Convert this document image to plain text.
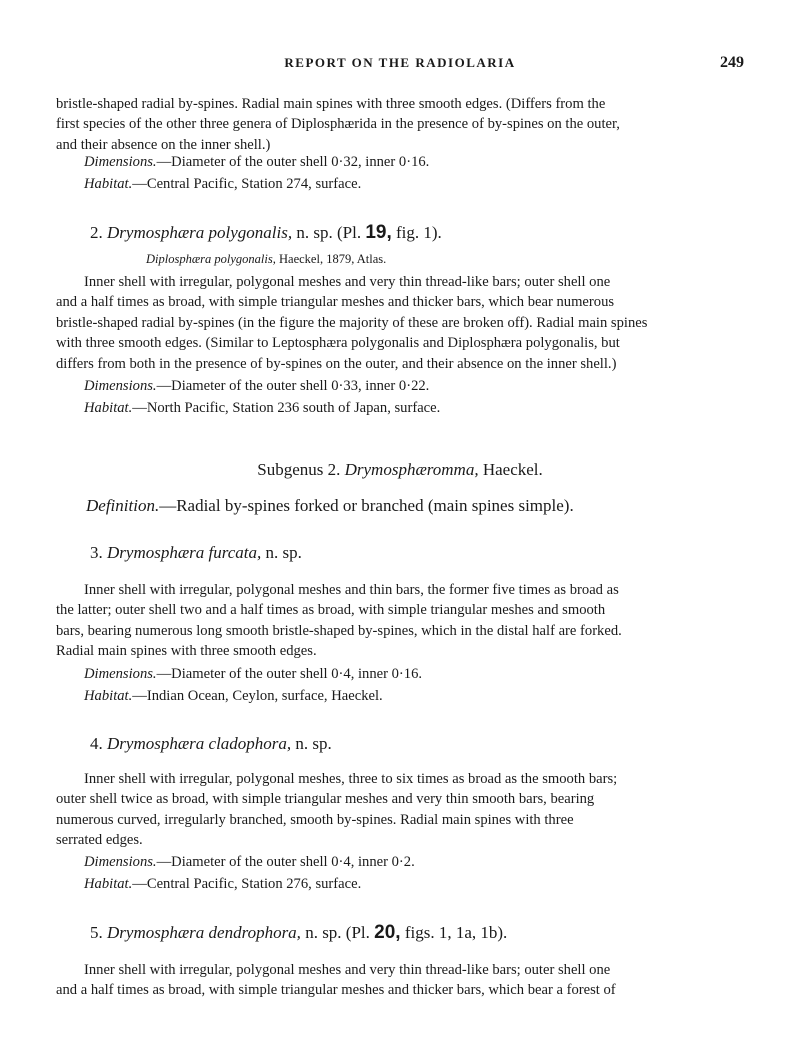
REPORT ON THE RADIOLARIA	249

bristle-shaped radial by-spines. Radial main spines with three smooth edges. (Differs from the

first species of the other three genera of Diplosphærida in the presence of by-spines on the outer,

and their absence on the inner shell.)

Dimensions.—Diameter of the outer shell 0·32, inner 0·16.
Habitat.—Central Pacific, Station 274, surface.
2. Drymosphæra polygonalis, n. sp. (Pl. 19, fig. 1).
Diplosphæra polygonalis, Haeckel, 1879, Atlas.

Inner shell with irregular, polygonal meshes and very thin thread-like bars; outer shell one

and a half times as broad, with simple triangular meshes and thicker bars, which bear numerous

bristle-shaped radial by-spines (in the figure the majority of these are broken off). Radial main spines

with three smooth edges. (Similar to Leptosphæra polygonalis and Diplosphæra polygonalis, but

differs from both in the presence of by-spines on the outer, and their absence on the inner shell.)

Dimensions.—Diameter of the outer shell 0·33, inner 0·22.
Habitat.—North Pacific, Station 236 south of Japan, surface.
Subgenus 2. Drymosphæromma, Haeckel.
Definition.—Radial by-spines forked or branched (main spines simple).
3. Drymosphæra furcata, n. sp.

Inner shell with irregular, polygonal meshes and thin bars, the former five times as broad as

the latter; outer shell two and a half times as broad, with simple triangular meshes and smooth

bars, bearing numerous long smooth bristle-shaped by-spines, which in the distal half are forked.

Radial main spines with three smooth edges.

Dimensions.—Diameter of the outer shell 0·4, inner 0·16.
Habitat.—Indian Ocean, Ceylon, surface, Haeckel.
4. Drymosphæra cladophora, n. sp.

Inner shell with irregular, polygonal meshes, three to six times as broad as the smooth bars;

outer shell twice as broad, with simple triangular meshes and very thin smooth bars, bearing

numerous curved, irregularly branched, smooth by-spines. Radial main spines with three

serrated edges.

Dimensions.—Diameter of the outer shell 0·4, inner 0·2.
Habitat.—Central Pacific, Station 276, surface.
5. Drymosphæra dendrophora, n. sp. (Pl. 20, figs. 1, 1a, 1b).

Inner shell with irregular, polygonal meshes and very thin thread-like bars; outer shell one

and a half times as broad, with simple triangular meshes and thicker bars, which bear a forest of
